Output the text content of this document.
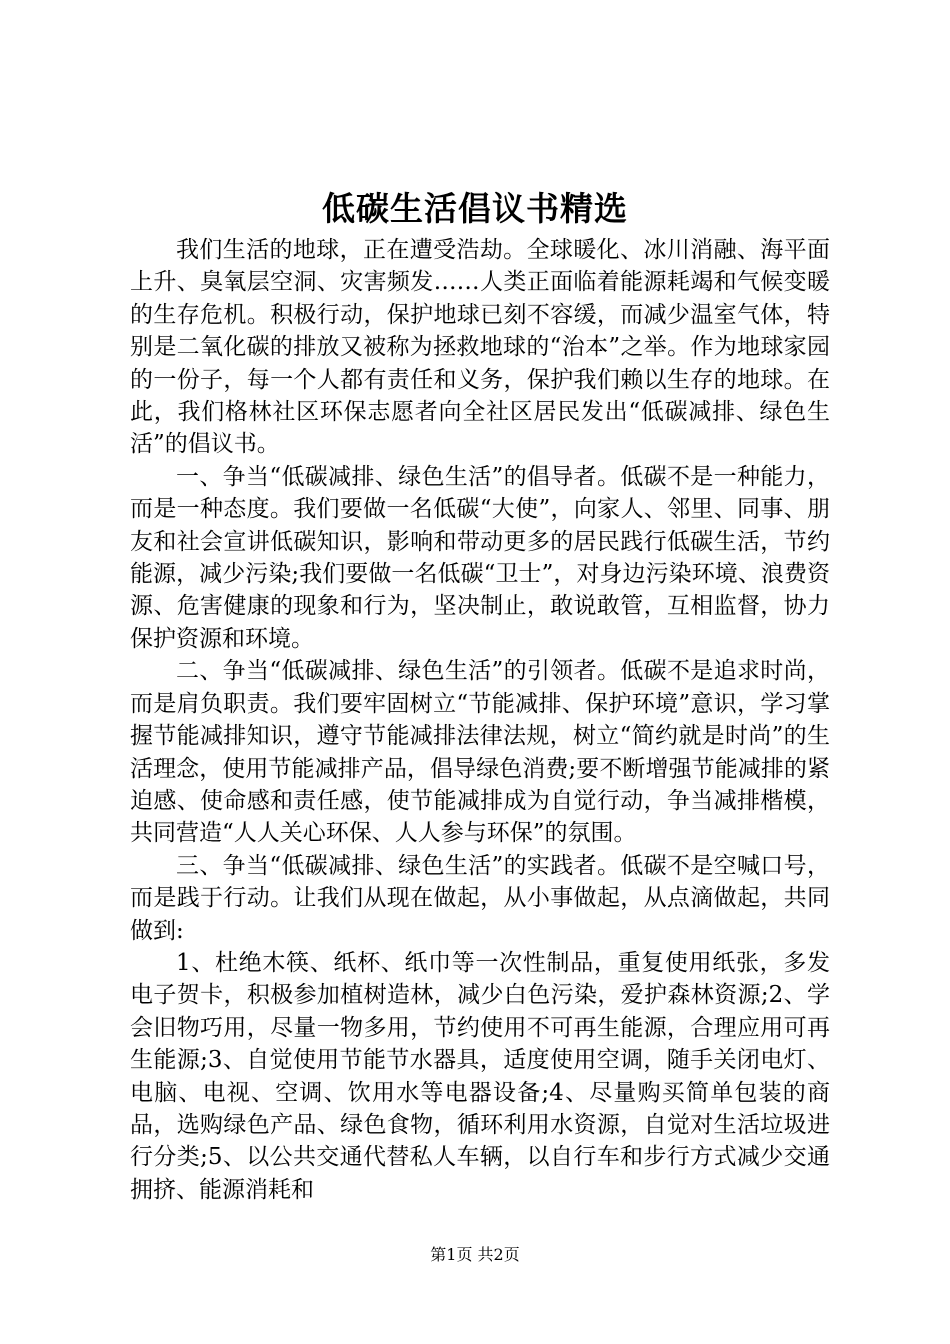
低碳生活倡议书精选

我们生活的地球，正在遭受浩劫。全球暖化、冰川消融、海平面上升、臭氧层空洞、灾害频发……人类正面临着能源耗竭和气候变暖的生存危机。积极行动，保护地球已刻不容缓，而减少温室气体，特别是二氧化碳的排放又被称为拯救地球的“治本”之举。作为地球家园的一份子，每一个人都有责任和义务，保护我们赖以生存的地球。在此，我们格林社区环保志愿者向全社区居民发出“低碳减排、绿色生活”的倡议书。

一、争当“低碳减排、绿色生活”的倡导者。低碳不是一种能力，而是一种态度。我们要做一名低碳“大使”，向家人、邻里、同事、朋友和社会宣讲低碳知识，影响和带动更多的居民践行低碳生活，节约能源，减少污染;我们要做一名低碳“卫士”，对身边污染环境、浪费资源、危害健康的现象和行为，坚决制止，敢说敢管，互相监督，协力保护资源和环境。

二、争当“低碳减排、绿色生活”的引领者。低碳不是追求时尚，而是肩负职责。我们要牢固树立“节能减排、保护环境”意识，学习掌握节能减排知识，遵守节能减排法律法规，树立“简约就是时尚”的生活理念，使用节能减排产品，倡导绿色消费;要不断增强节能减排的紧迫感、使命感和责任感，使节能减排成为自觉行动，争当减排楷模，共同营造“人人关心环保、人人参与环保”的氛围。

三、争当“低碳减排、绿色生活”的实践者。低碳不是空喊口号，而是践于行动。让我们从现在做起，从小事做起，从点滴做起，共同做到:

1、杜绝木筷、纸杯、纸巾等一次性制品，重复使用纸张，多发电子贺卡，积极参加植树造林，减少白色污染，爱护森林资源;2、学会旧物巧用，尽量一物多用，节约使用不可再生能源，合理应用可再生能源;3、自觉使用节能节水器具，适度使用空调，随手关闭电灯、电脑、电视、空调、饮用水等电器设备;4、尽量购买简单包装的商品，选购绿色产品、绿色食物，循环利用水资源，自觉对生活垃圾进行分类;5、以公共交通代替私人车辆，以自行车和步行方式减少交通拥挤、能源消耗和

第1页 共2页
